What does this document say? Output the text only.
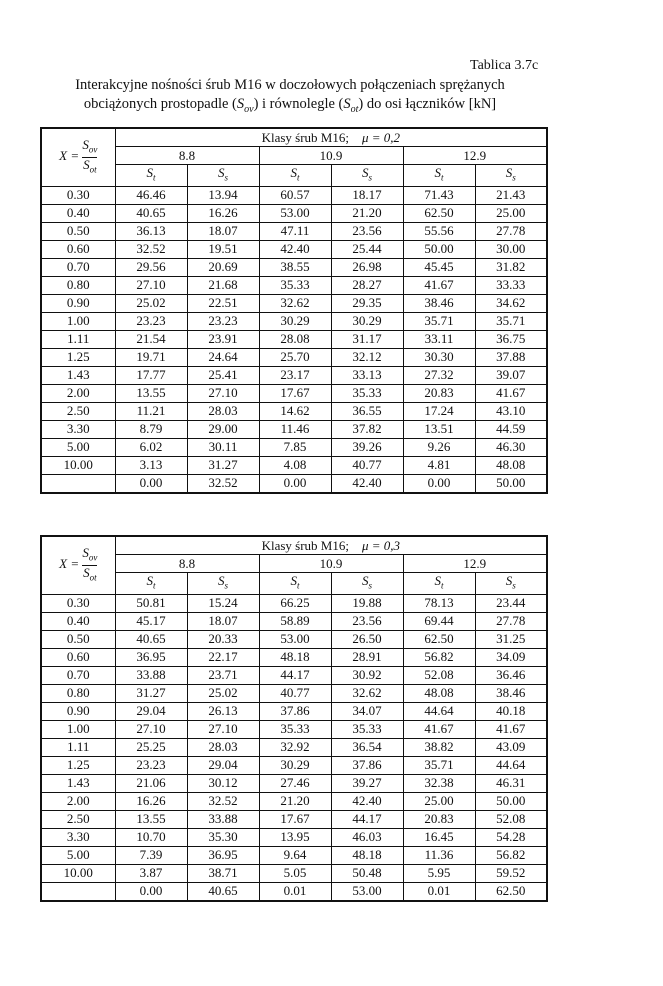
Tablica 3.7c
Interakcyjne nośności śrub M16 w doczołowych połączeniach sprężanych
obciążonych prostopadle $(S_{ov})$ i równolegle $(S_{ot})$ do osi łączników [kN]
$X = \frac{S_{ov}}{S_{ot}}$	Klasy śrub M16; μ = 0,2					
	8.8		10.9		12.9	
	$S_t$	$S_s$	$S_t$	$S_s$	$S_t$	$S_s$
0.30	46.46	13.94	60.57	18.17	71.43	21.43
0.40	40.65	16.26	53.00	21.20	62.50	25.00
0.50	36.13	18.07	47.11	23.56	55.56	27.78
0.60	32.52	19.51	42.40	25.44	50.00	30.00
0.70	29.56	20.69	38.55	26.98	45.45	31.82
0.80	27.10	21.68	35.33	28.27	41.67	33.33
0.90	25.02	22.51	32.62	29.35	38.46	34.62
1.00	23.23	23.23	30.29	30.29	35.71	35.71
1.11	21.54	23.91	28.08	31.17	33.11	36.75
1.25	19.71	24.64	25.70	32.12	30.30	37.88
1.43	17.77	25.41	23.17	33.13	27.32	39.07
2.00	13.55	27.10	17.67	35.33	20.83	41.67
2.50	11.21	28.03	14.62	36.55	17.24	43.10
3.30	8.79	29.00	11.46	37.82	13.51	44.59
5.00	6.02	30.11	7.85	39.26	9.26	46.30
10.00	3.13	31.27	4.08	40.77	4.81	48.08
	0.00	32.52	0.00	42.40	0.00	50.00
$X = \frac{S_{ov}}{S_{ot}}$	Klasy śrub M16; μ = 0,3					
	8.8		10.9		12.9	
	$S_t$	$S_s$	$S_t$	$S_s$	$S_t$	$S_s$
0.30	50.81	15.24	66.25	19.88	78.13	23.44
0.40	45.17	18.07	58.89	23.56	69.44	27.78
0.50	40.65	20.33	53.00	26.50	62.50	31.25
0.60	36.95	22.17	48.18	28.91	56.82	34.09
0.70	33.88	23.71	44.17	30.92	52.08	36.46
0.80	31.27	25.02	40.77	32.62	48.08	38.46
0.90	29.04	26.13	37.86	34.07	44.64	40.18
1.00	27.10	27.10	35.33	35.33	41.67	41.67
1.11	25.25	28.03	32.92	36.54	38.82	43.09
1.25	23.23	29.04	30.29	37.86	35.71	44.64
1.43	21.06	30.12	27.46	39.27	32.38	46.31
2.00	16.26	32.52	21.20	42.40	25.00	50.00
2.50	13.55	33.88	17.67	44.17	20.83	52.08
3.30	10.70	35.30	13.95	46.03	16.45	54.28
5.00	7.39	36.95	9.64	48.18	11.36	56.82
10.00	3.87	38.71	5.05	50.48	5.95	59.52
	0.00	40.65	0.01	53.00	0.01	62.50
